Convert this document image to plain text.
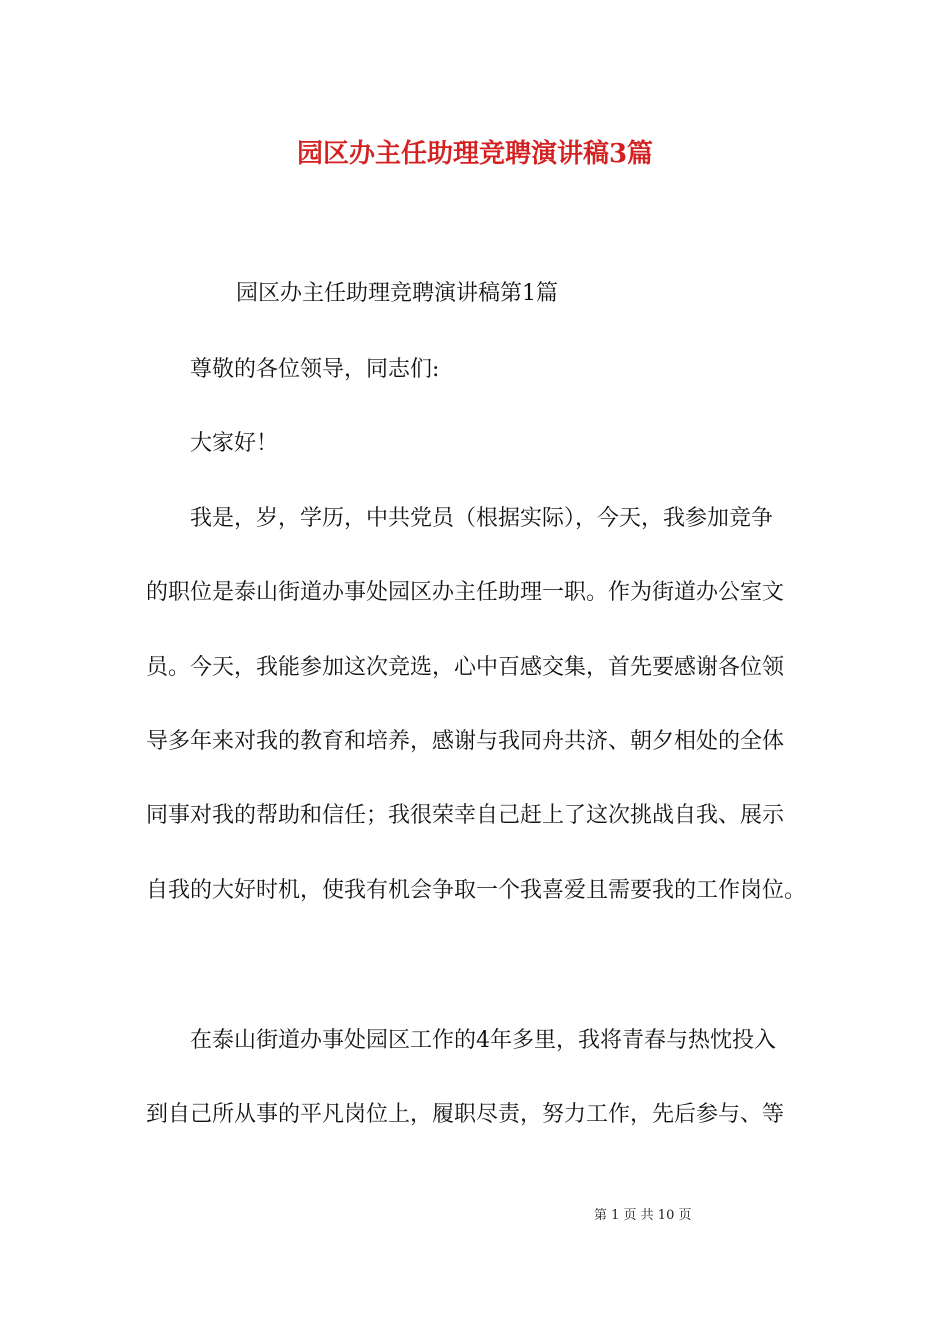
园区办主任助理竞聘演讲稿3篇

园区办主任助理竞聘演讲稿第1篇

尊敬的各位领导，同志们:

大家好！

我是，岁，学历，中共党员（根据实际），今天，我参加竞争

的职位是泰山街道办事处园区办主任助理一职。作为街道办公室文

员。今天，我能参加这次竞选，心中百感交集，首先要感谢各位领

导多年来对我的教育和培养，感谢与我同舟共济、朝夕相处的全体

同事对我的帮助和信任；我很荣幸自己赶上了这次挑战自我、展示

自我的大好时机，使我有机会争取一个我喜爱且需要我的工作岗位。

在泰山街道办事处园区工作的4年多里，我将青春与热忱投入

到自己所从事的平凡岗位上，履职尽责，努力工作，先后参与、等

第 1 页 共 10 页
